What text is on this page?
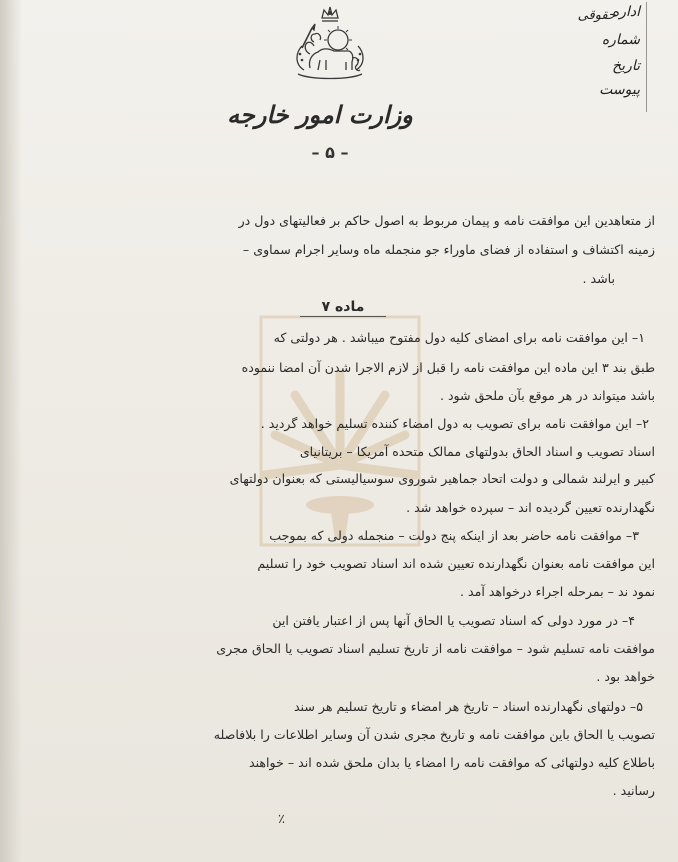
وزارت امور خارجه
– ۵ –
حقوقی
اداره
شماره
تاریخ
پیوست
از متعاهدین این موافقت نامه و پیمان مربوط به اصول حاکم بر فعالیتهای دول در
زمینه اکتشاف و استفاده از فضای ماوراء جو منجمله ماه وسایر اجرام سماوی –
باشد .
ماده ۷
۱– این موافقت نامه برای امضای کلیه دول مفتوح میباشد . هر دولتی که
طبق بند ۳ این ماده این موافقت نامه را قبل از لازم الاجرا شدن آن امضا ننموده
باشد میتواند در هر موقع بآن ملحق شود .
۲– این موافقت نامه برای تصویب به دول امضاء کننده تسلیم خواهد گردید .
اسناد تصویب و اسناد الحاق بدولتهای ممالک متحده آمریکا – بریتانیای
کبیر و ایرلند شمالی و دولت اتحاد جماهیر شوروی سوسیالیستی که بعنوان دولتهای
نگهدارنده تعیین گردیده اند – سپرده خواهد شد .
۳– موافقت نامه حاضر بعد از اینکه پنج دولت – منجمله دولی که بموجب
این موافقت نامه بعنوان نگهدارنده تعیین شده اند اسناد تصویب خود را تسلیم
نمود ند – بمرحله اجراء درخواهد آمد .
۴– در مورد دولی که اسناد تصویب یا الحاق آنها پس از اعتبار یافتن این
موافقت نامه تسلیم شود – موافقت نامه از تاریخ تسلیم اسناد تصویب یا الحاق مجری
خواهد بود .
۵– دولتهای نگهدارنده اسناد – تاریخ هر امضاء و تاریخ تسلیم هر سند
تصویب یا الحاق باین موافقت نامه و تاریخ مجری شدن آن وسایر اطلاعات را بلافاصله
باطلاع کلیه دولتهائی که موافقت نامه را امضاء یا بدان ملحق شده اند – خواهند
رسانید .
٪
